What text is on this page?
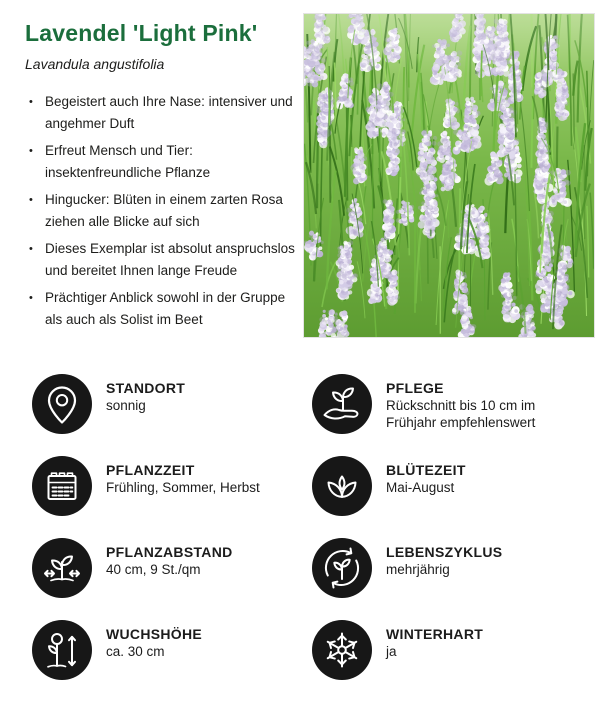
Lavendel 'Light Pink'
Lavandula angustifolia
• Begeistert auch Ihre Nase: intensiver und angehmer Duft
• Erfreut Mensch und Tier: insektenfreundliche Pflanze
• Hingucker: Blüten in einem zarten Rosa ziehen alle Blicke auf sich
• Dieses Exemplar ist absolut anspruchslos und bereitet Ihnen lange Freude
• Prächtiger Anblick sowohl in der Gruppe als auch als Solist im Beet
STANDORT
sonnig
PFLEGE
Rückschnitt bis 10 cm im Frühjahr empfehlenswert
PFLANZZEIT
Frühling, Sommer, Herbst
BLÜTEZEIT
Mai-August
PFLANZABSTAND
40 cm, 9 St./qm
LEBENSZYKLUS
mehrjährig
WUCHSHÖHE
ca. 30 cm
WINTERHART
ja
